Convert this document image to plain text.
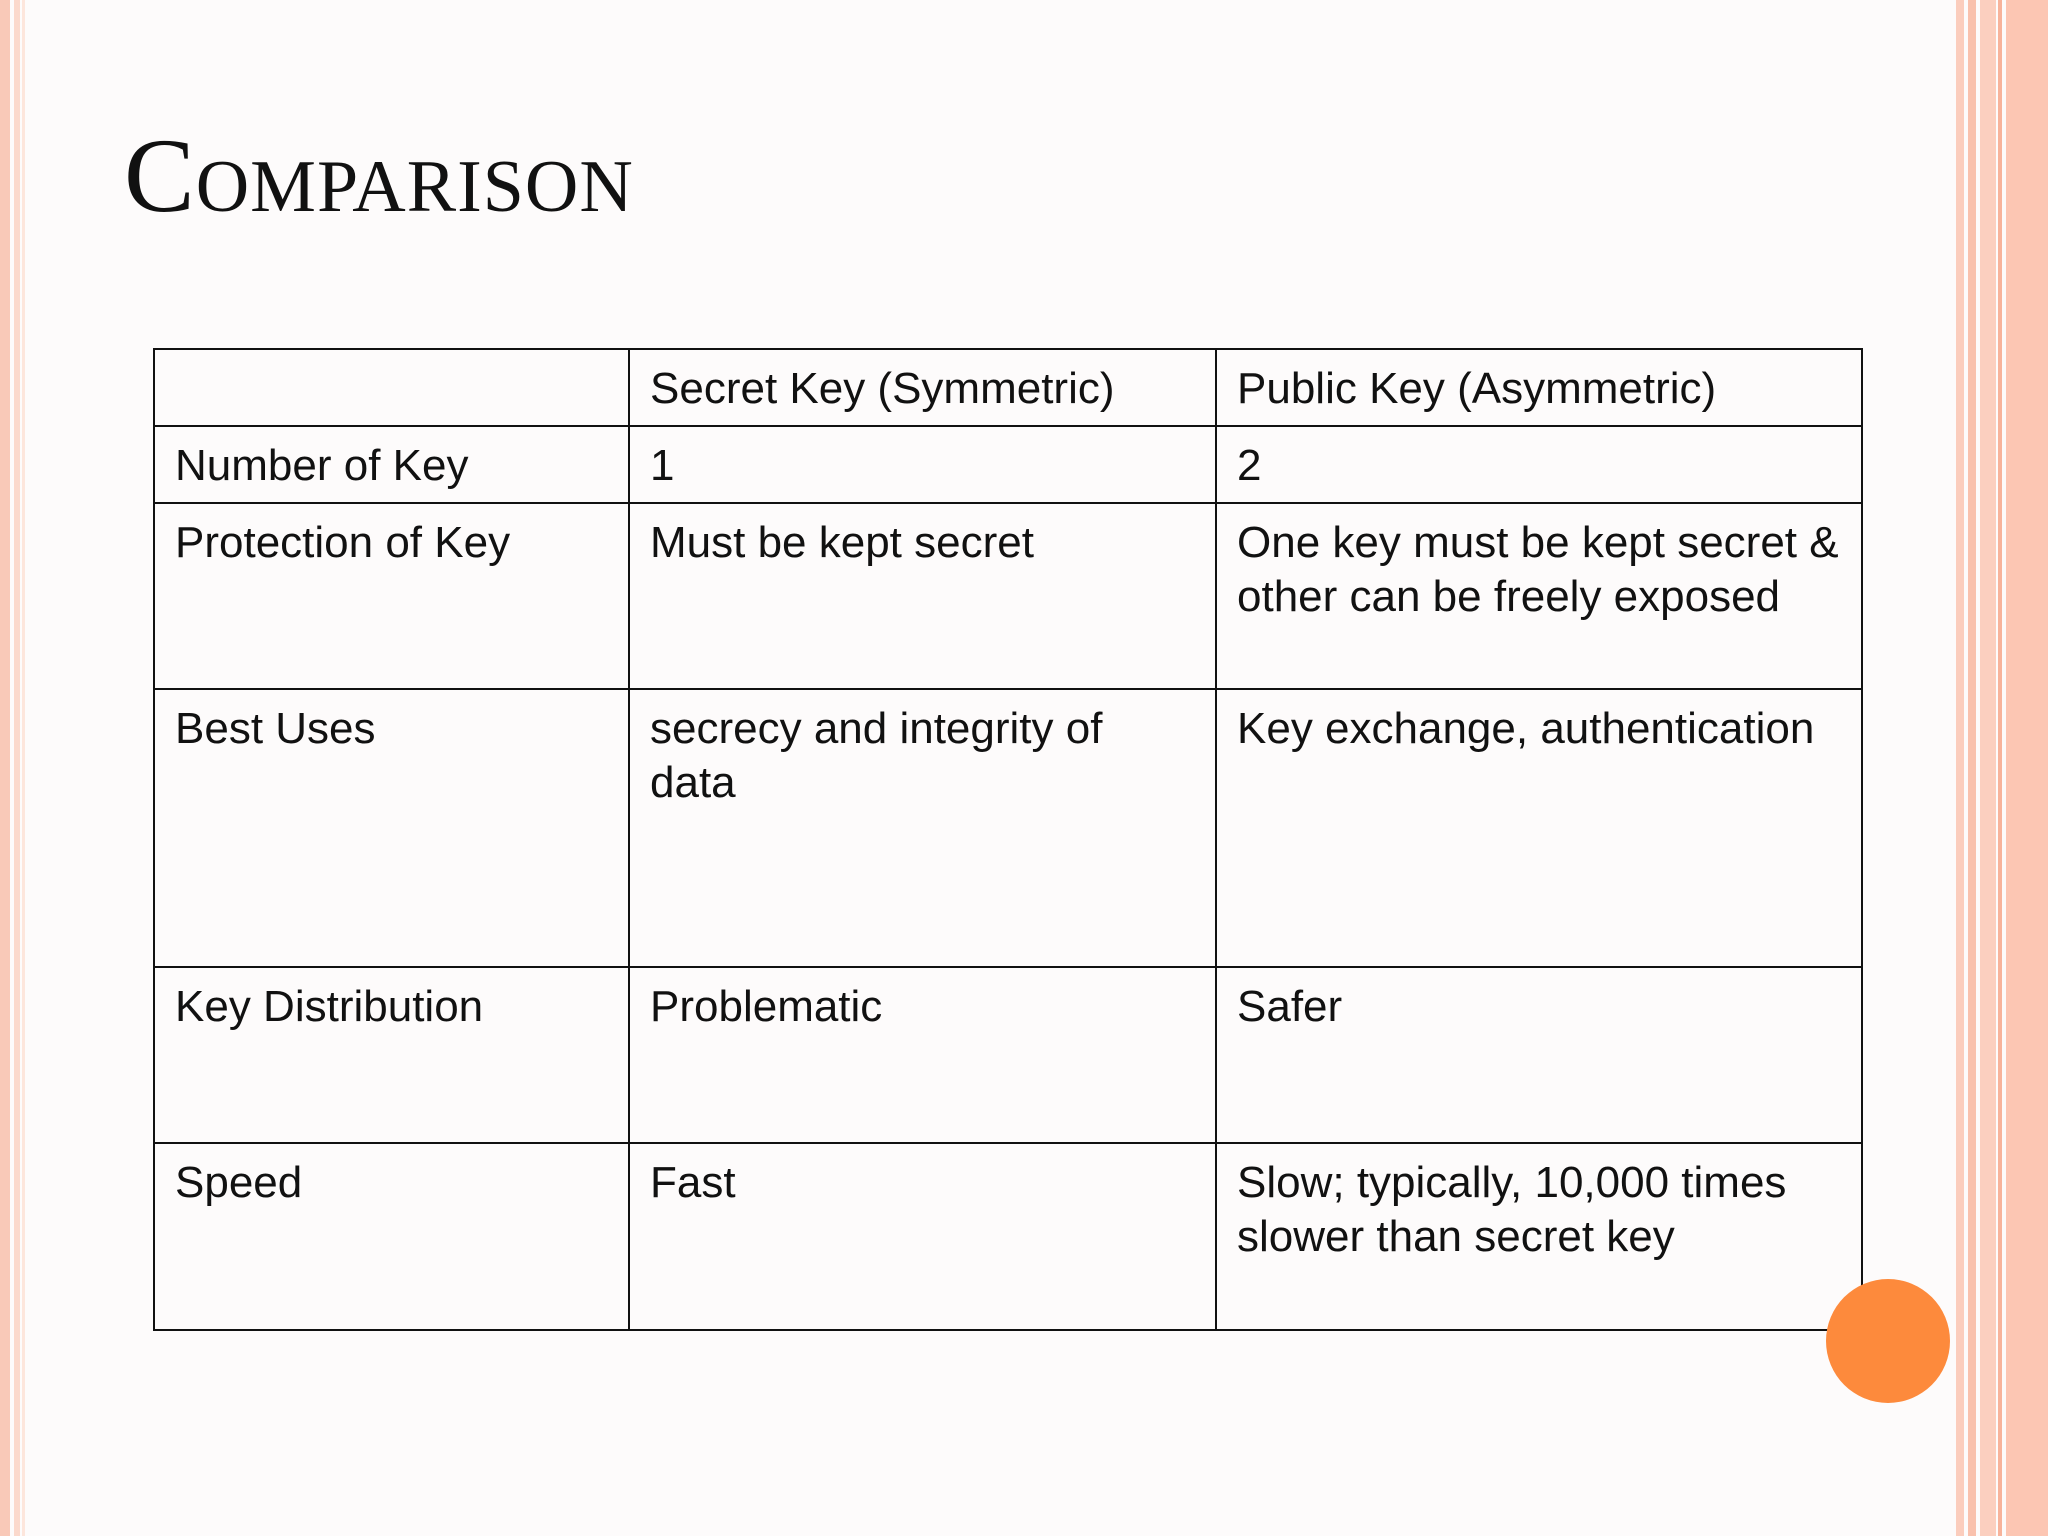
Comparison
	Secret Key (Symmetric)	Public Key (Asymmetric)
Number of Key	1	2
Protection of Key	Must be kept secret	One key must be kept secret & other can be freely exposed
Best Uses	secrecy and integrity of data	Key exchange, authentication
Key Distribution	Problematic	Safer
Speed	Fast	Slow; typically, 10,000 times slower than secret key
